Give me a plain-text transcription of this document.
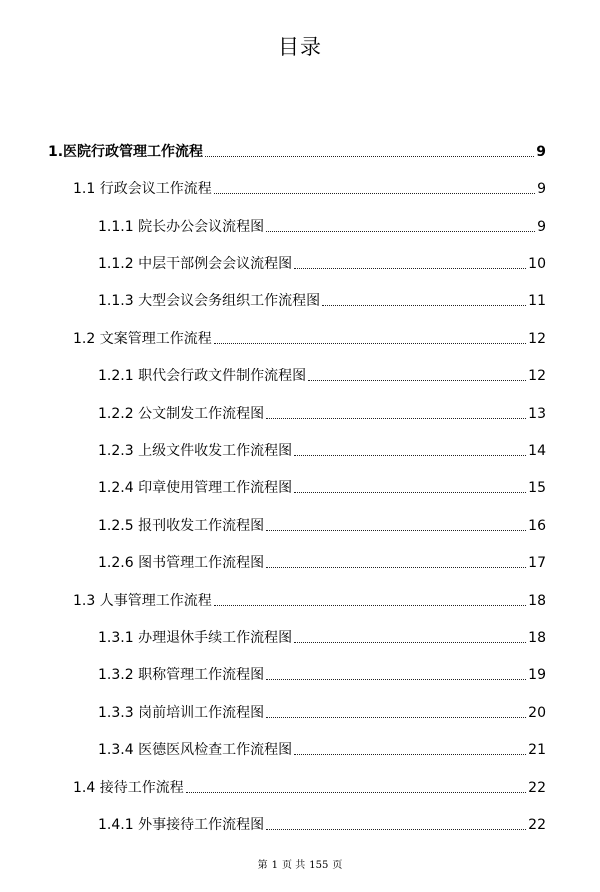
目录
1.医院行政管理工作流程	9
1.1 行政会议工作流程	9
1.1.1 院长办公会议流程图	9
1.1.2 中层干部例会会议流程图	10
1.1.3 大型会议会务组织工作流程图	11
1.2 文案管理工作流程	12
1.2.1 职代会行政文件制作流程图	12
1.2.2 公文制发工作流程图	13
1.2.3 上级文件收发工作流程图	14
1.2.4 印章使用管理工作流程图	15
1.2.5 报刊收发工作流程图	16
1.2.6 图书管理工作流程图	17
1.3 人事管理工作流程	18
1.3.1 办理退休手续工作流程图	18
1.3.2 职称管理工作流程图	19
1.3.3 岗前培训工作流程图	20
1.3.4 医德医风检查工作流程图	21
1.4 接待工作流程	22
1.4.1 外事接待工作流程图	22
第 1 页 共 155 页
